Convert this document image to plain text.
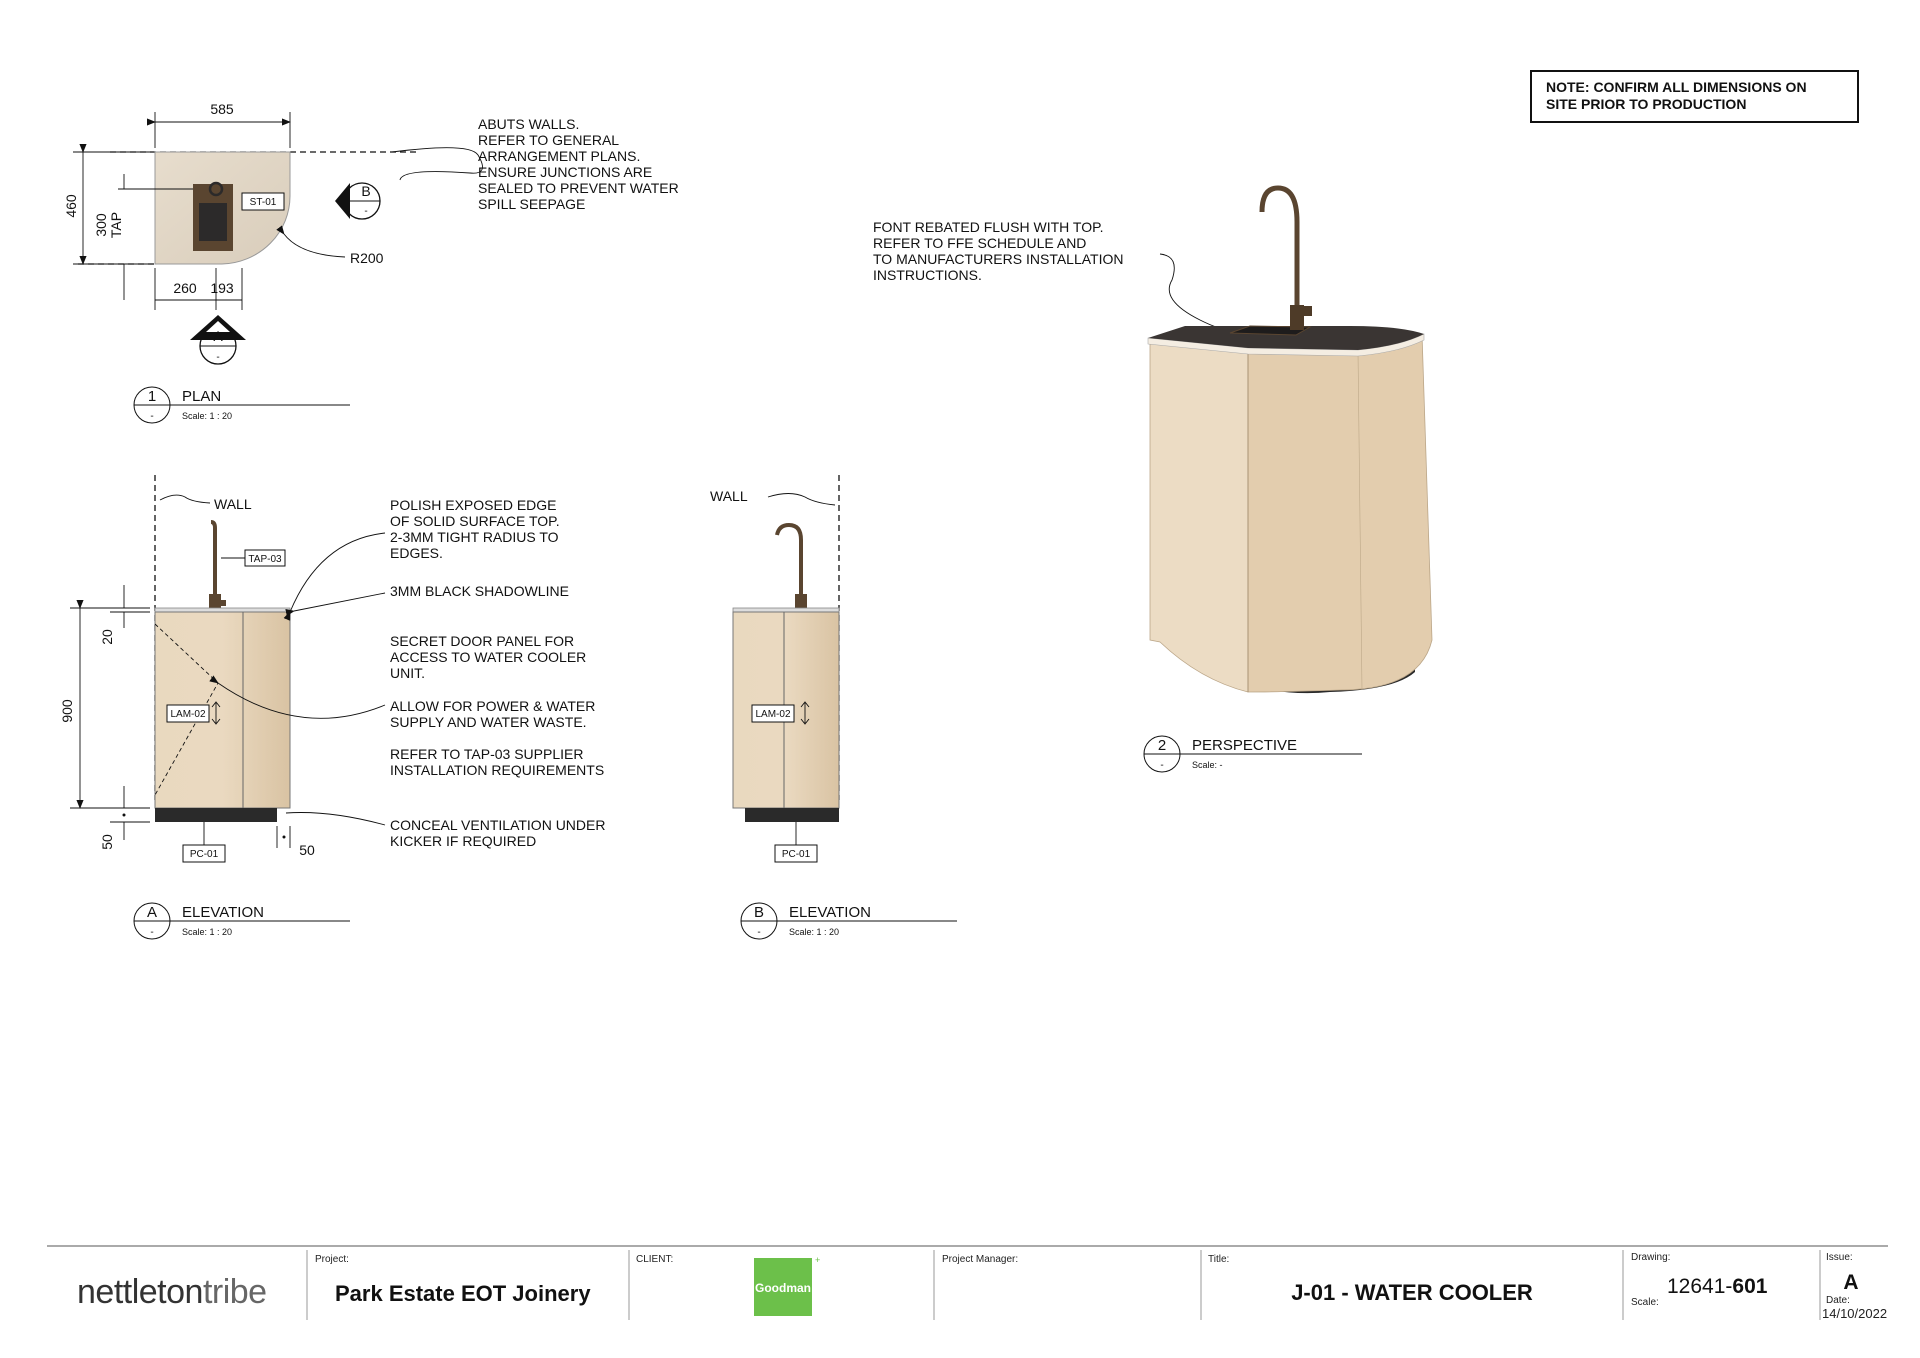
NOTE: CONFIRM ALL DIMENSIONS ON
SITE PRIOR TO PRODUCTION
ST-01
585
460
300 TAP
260 193
R200
ABUTS WALLS. REFER TO GENERAL ARRANGEMENT PLANS. ENSURE JUNCTIONS ARE SEALED TO PREVENT WATER SPILL SEEPAGE
B
-
A
-
1
-
PLAN
Scale: 1 : 20
WALL
TAP-03
LAM-02
PC-01
900
20
50	50
POLISH EXPOSED EDGE OF SOLID SURFACE TOP. 2-3MM TIGHT RADIUS TO EDGES.
3MM BLACK SHADOWLINE
SECRET DOOR PANEL FOR ACCESS TO WATER COOLER UNIT.
ALLOW FOR POWER & WATER SUPPLY AND WATER WASTE.
REFER TO TAP-03 SUPPLIER INSTALLATION REQUIREMENTS
CONCEAL VENTILATION UNDER KICKER IF REQUIRED
A
-
ELEVATION
Scale: 1 : 20
WALL
LAM-02
PC-01
B
-
ELEVATION
Scale: 1 : 20
FONT REBATED FLUSH WITH TOP. REFER TO FFE SCHEDULE AND TO MANUFACTURERS INSTALLATION INSTRUCTIONS.
2
-
PERSPECTIVE
Scale: -
nettletontribe
Project:
Park Estate EOT Joinery
CLIENT:
Goodman
+	Project Manager:	Title:
J-01 - WATER COOLER
Drawing:
12641-601
Scale:
Issue:
A
Date:
14/10/2022
